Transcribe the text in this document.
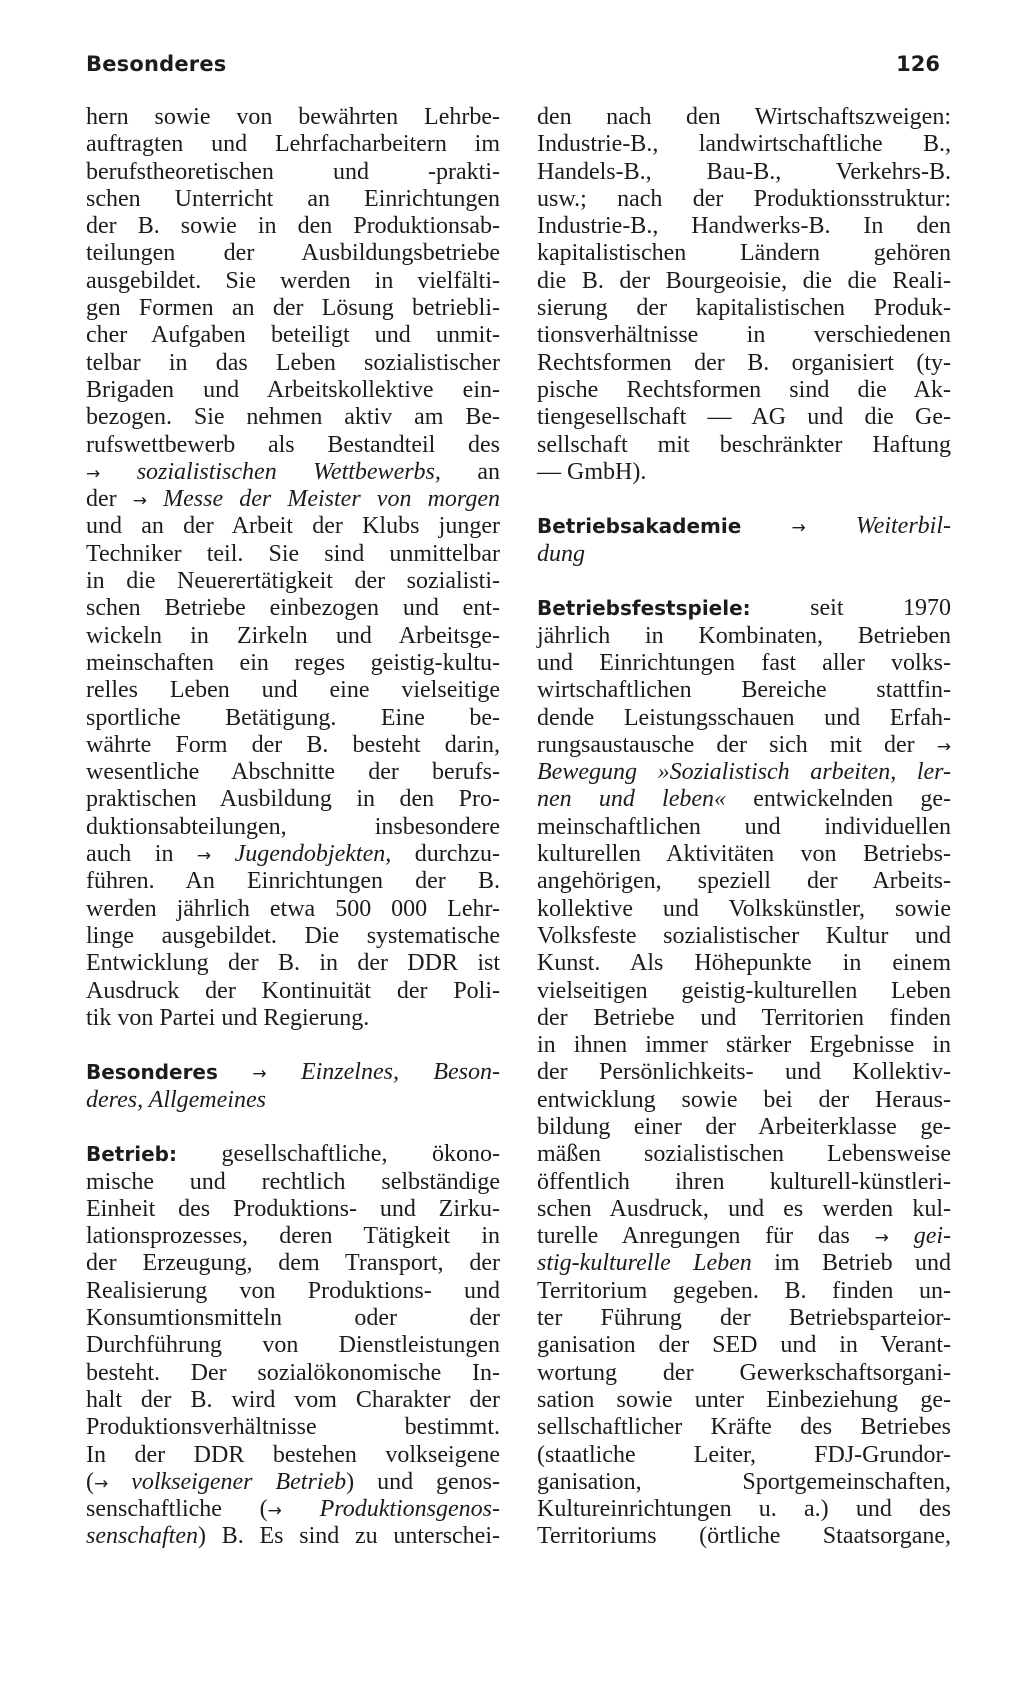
Besonderes	126
hern sowie von bewährten Lehrbe-
auftragten und Lehrfacharbeitern im
berufstheoretischen und -prakti-
schen Unterricht an Einrichtungen
der B. sowie in den Produktionsab-
teilungen der Ausbildungsbetriebe
ausgebildet. Sie werden in vielfälti-
gen Formen an der Lösung betriebli-
cher Aufgaben beteiligt und unmit-
telbar in das Leben sozialistischer
Brigaden und Arbeitskollektive ein-
bezogen. Sie nehmen aktiv am Be-
rufswettbewerb als Bestandteil des
→ sozialistischen Wettbewerbs, an
der → Messe der Meister von morgen
und an der Arbeit der Klubs junger
Techniker teil. Sie sind unmittelbar
in die Neuerertätigkeit der sozialisti-
schen Betriebe einbezogen und ent-
wickeln in Zirkeln und Arbeitsge-
meinschaften ein reges geistig-kultu-
relles Leben und eine vielseitige
sportliche Betätigung. Eine be-
währte Form der B. besteht darin,
wesentliche Abschnitte der berufs-
praktischen Ausbildung in den Pro-
duktionsabteilungen, insbesondere
auch in → Jugendobjekten, durchzu-
führen. An Einrichtungen der B.
werden jährlich etwa 500 000 Lehr-
linge ausgebildet. Die systematische
Entwicklung der B. in der DDR ist
Ausdruck der Kontinuität der Poli-
tik von Partei und Regierung.
Besonderes → Einzelnes, Beson-
deres, Allgemeines
Betrieb: gesellschaftliche, ökono-
mische und rechtlich selbständige
Einheit des Produktions- und Zirku-
lationsprozesses, deren Tätigkeit in
der Erzeugung, dem Transport, der
Realisierung von Produktions- und
Konsumtionsmitteln oder der
Durchführung von Dienstleistungen
besteht. Der sozialökonomische In-
halt der B. wird vom Charakter der
Produktionsverhältnisse bestimmt.
In der DDR bestehen volkseigene
(→ volkseigener Betrieb) und genos-
senschaftliche (→ Produktionsgenos-
senschaften) B. Es sind zu unterschei-
den nach den Wirtschaftszweigen:
Industrie-B., landwirtschaftliche B.,
Handels-B., Bau-B., Verkehrs-B.
usw.; nach der Produktionsstruktur:
Industrie-B., Handwerks-B. In den
kapitalistischen Ländern gehören
die B. der Bourgeoisie, die die Reali-
sierung der kapitalistischen Produk-
tionsverhältnisse in verschiedenen
Rechtsformen der B. organisiert (ty-
pische Rechtsformen sind die Ak-
tiengesellschaft — AG und die Ge-
sellschaft mit beschränkter Haftung
— GmbH).
Betriebsakademie	→ Weiterbil-
dung
Betriebsfestspiele: seit 1970
jährlich in Kombinaten, Betrieben
und Einrichtungen fast aller volks-
wirtschaftlichen Bereiche stattfin-
dende Leistungsschauen und Erfah-
rungsaustausche der sich mit der →
Bewegung »Sozialistisch arbeiten, ler-
nen und leben« entwickelnden ge-
meinschaftlichen und individuellen
kulturellen Aktivitäten von Betriebs-
angehörigen, speziell der Arbeits-
kollektive und Volkskünstler, sowie
Volksfeste sozialistischer Kultur und
Kunst. Als Höhepunkte in einem
vielseitigen geistig-kulturellen Leben
der Betriebe und Territorien finden
in ihnen immer stärker Ergebnisse in
der Persönlichkeits- und Kollektiv-
entwicklung sowie bei der Heraus-
bildung einer der Arbeiterklasse ge-
mäßen sozialistischen Lebensweise
öffentlich ihren kulturell-künstleri-
schen Ausdruck, und es werden kul-
turelle Anregungen für das → gei-
stig-kulturelle Leben im Betrieb und
Territorium gegeben. B. finden un-
ter Führung der Betriebsparteior-
ganisation der SED und in Verant-
wortung der Gewerkschaftsorgani-
sation sowie unter Einbeziehung ge-
sellschaftlicher Kräfte des Betriebes
(staatliche Leiter, FDJ-Grundor-
ganisation, Sportgemeinschaften,
Kultureinrichtungen u. a.) und des
Territoriums (örtliche Staatsorgane,
